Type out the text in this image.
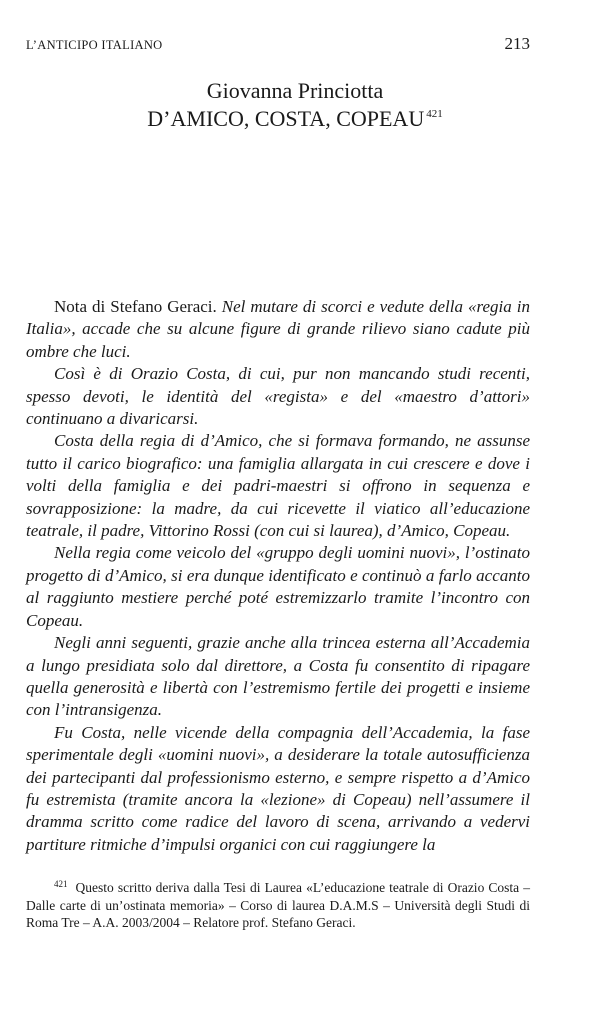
L’ANTICIPO ITALIANO	213
Giovanna Princiotta
D’AMICO, COSTA, COPEAU $^{421}$

Nota di Stefano Geraci. Nel mutare di scorci e vedute della «regia in Italia», accade che su alcune figure di grande rilievo siano cadute più ombre che luci.

Così è di Orazio Costa, di cui, pur non mancando studi recenti, spesso devoti, le identità del «regista» e del «maestro d’attori» continuano a divaricarsi.

Costa della regia di d’Amico, che si formava formando, ne assunse tutto il carico biografico: una famiglia allargata in cui crescere e dove i volti della famiglia e dei padri-maestri si offrono in sequenza e sovrapposizione: la madre, da cui ricevette il viatico all’educazione teatrale, il padre, Vittorino Rossi (con cui si laurea), d’Amico, Copeau.

Nella regia come veicolo del «gruppo degli uomini nuovi», l’ostinato progetto di d’Amico, si era dunque identificato e continuò a farlo accanto al raggiunto mestiere perché poté estremizzarlo tramite l’incontro con Copeau.

Negli anni seguenti, grazie anche alla trincea esterna all’Accademia a lungo presidiata solo dal direttore, a Costa fu consentito di ripagare quella generosità e libertà con l’estremismo fertile dei progetti e insieme con l’intransigenza.

Fu Costa, nelle vicende della compagnia dell’Accademia, la fase sperimentale degli «uomini nuovi», a desiderare la totale autosufficienza dei partecipanti dal professionismo esterno, e sempre rispetto a d’Amico fu estremista (tramite ancora la «lezione» di Copeau) nell’assumere il dramma scritto come radice del lavoro di scena, arrivando a vedervi partiture ritmiche d’impulsi organici con cui raggiungere la

$^{421}$ Questo scritto deriva dalla Tesi di Laurea «L’educazione teatrale di Orazio Costa – Dalle carte di un’ostinata memoria» – Corso di laurea D.A.M.S – Università degli Studi di Roma Tre – A.A. 2003/2004 – Relatore prof. Stefano Geraci.
